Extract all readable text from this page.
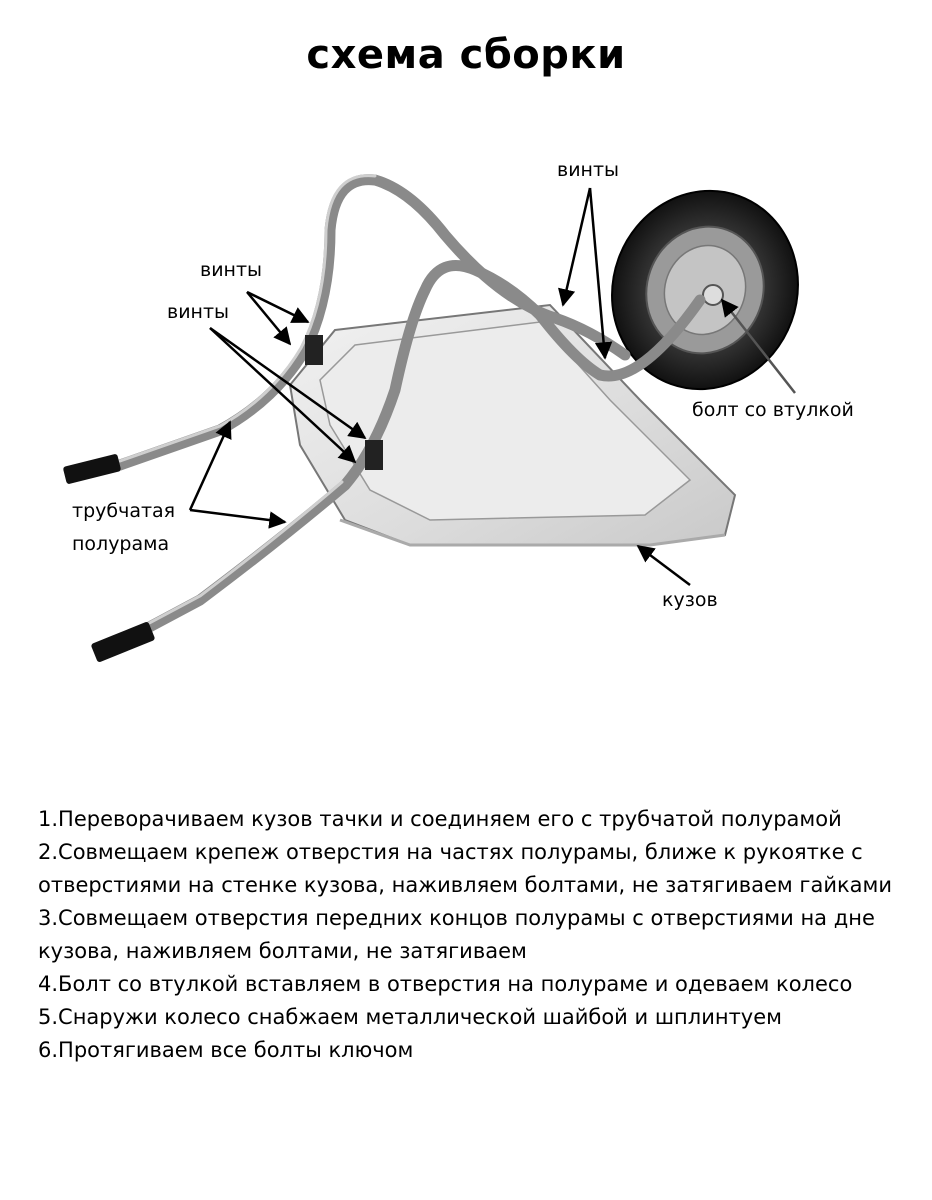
схема сборки
винты
винты
винты
болт со втулкой
трубчатая
полурама
кузов
1.Переворачиваем кузов тачки и соединяем его с трубчатой полурамой
2.Совмещаем крепеж отверстия на частях полурамы, ближе к рукоятке с отверстиями на стенке кузова, наживляем болтами, не затягиваем гайками
3.Совмещаем отверстия передних концов полурамы с отверстиями на дне кузова, наживляем болтами, не затягиваем
4.Болт со втулкой вставляем в отверстия на полураме и одеваем колесо
5.Снаружи колесо снабжаем металлической шайбой и шплинтуем
6.Протягиваем все болты ключом
